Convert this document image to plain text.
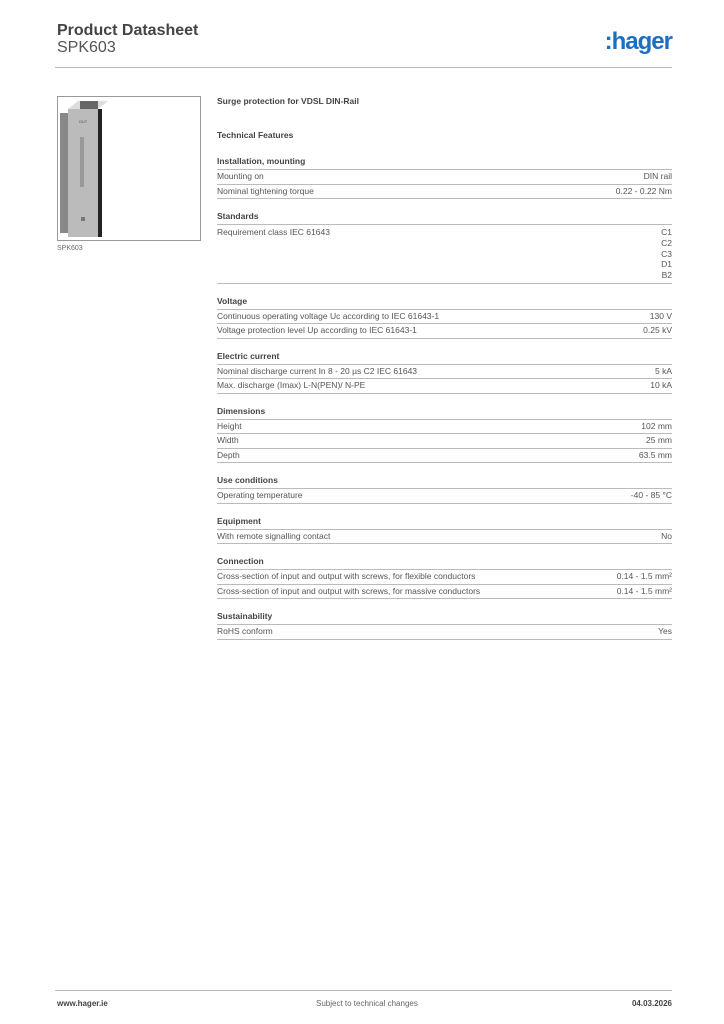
Product Datasheet
SPK603	:hager
OUT
SPK603
Surge protection for VDSL DIN-Rail
Technical Features
Installation, mounting
Mounting on	DIN rail
Nominal tightening torque	0.22 - 0.22 Nm
Standards
Requirement class IEC 61643	C1
C2
C3
D1
B2
Voltage
Continuous operating voltage Uc according to IEC 61643-1	130 V
Voltage protection level Up according to IEC 61643-1	0.25 kV
Electric current
Nominal discharge current In 8 - 20 µs C2 IEC 61643	5 kA
Max. discharge (Imax) L-N(PEN)/ N-PE	10 kA
Dimensions
Height	102 mm
Width	25 mm
Depth	63.5 mm
Use conditions
Operating temperature	-40 - 85 °C
Equipment
With remote signalling contact	No
Connection
Cross-section of input and output with screws, for flexible conductors	0.14 - 1.5 mm²
Cross-section of input and output with screws, for massive conductors	0.14 - 1.5 mm²
Sustainability
RoHS conform	Yes
www.hager.ie	Subject to technical changes	04.03.2026
